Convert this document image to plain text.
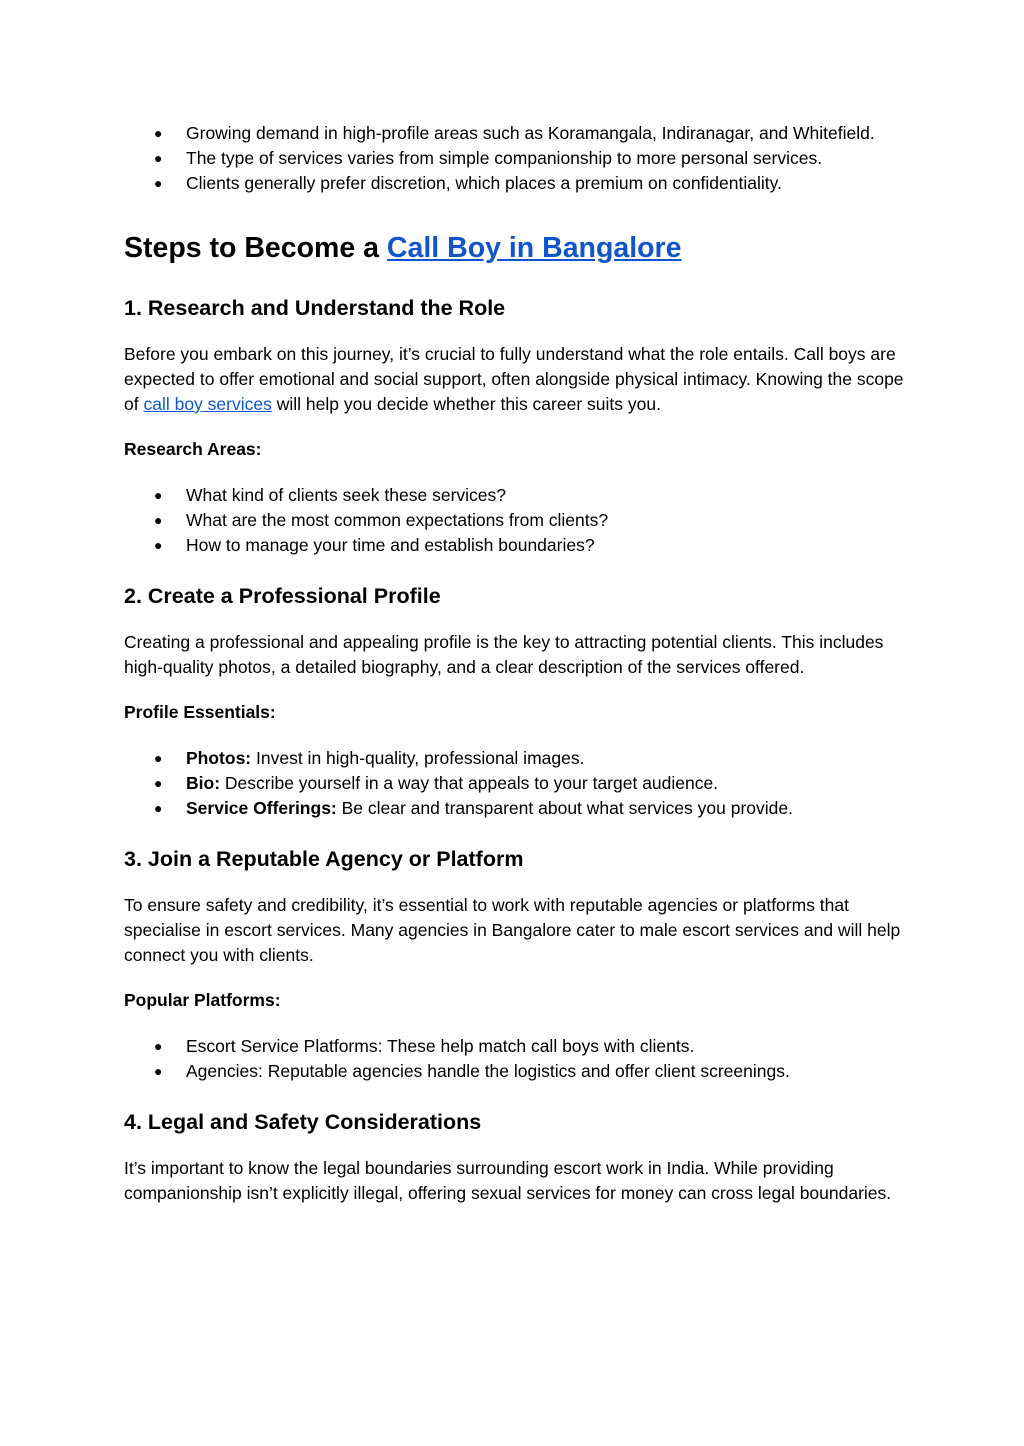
● Growing demand in high-profile areas such as Koramangala, Indiranagar, and Whitefield.
● The type of services varies from simple companionship to more personal services.
● Clients generally prefer discretion, which places a premium on confidentiality.
Steps to Become a Call Boy in Bangalore
1. Research and Understand the Role

Before you embark on this journey, it’s crucial to fully understand what the role entails. Call boys are expected to offer emotional and social support, often alongside physical intimacy. Knowing the scope of call boy services will help you decide whether this career suits you.

Research Areas:

● What kind of clients seek these services?
● What are the most common expectations from clients?
● How to manage your time and establish boundaries?
2. Create a Professional Profile

Creating a professional and appealing profile is the key to attracting potential clients. This includes high-quality photos, a detailed biography, and a clear description of the services offered.

Profile Essentials:

● Photos: Invest in high-quality, professional images.
● Bio: Describe yourself in a way that appeals to your target audience.
● Service Offerings: Be clear and transparent about what services you provide.
3. Join a Reputable Agency or Platform

To ensure safety and credibility, it’s essential to work with reputable agencies or platforms that specialise in escort services. Many agencies in Bangalore cater to male escort services and will help connect you with clients.

Popular Platforms:

● Escort Service Platforms: These help match call boys with clients.
● Agencies: Reputable agencies handle the logistics and offer client screenings.
4. Legal and Safety Considerations

It’s important to know the legal boundaries surrounding escort work in India. While providing companionship isn’t explicitly illegal, offering sexual services for money can cross legal boundaries.
